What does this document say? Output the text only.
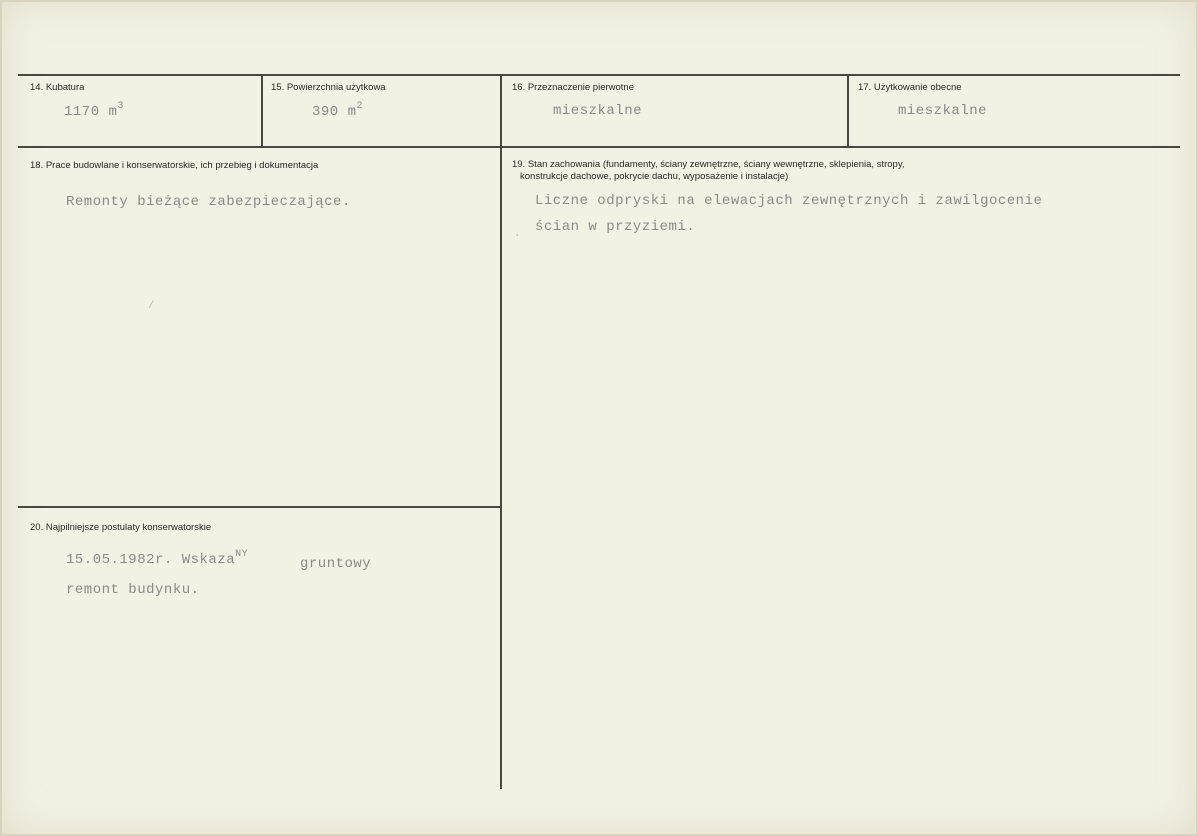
14. Kubatura
1170 $m^3$
15. Powierzchnia użytkowa
390 $m^2$
16. Przeznaczenie pierwotne
mieszkalne
17. Użytkowanie obecne
mieszkalne
18. Prace budowlane i konserwatorskie, ich przebieg i dokumentacja
Remonty bieżące zabezpieczające.
19. Stan zachowania (fundamenty, ściany zewnętrzne, ściany wewnętrzne, sklepienia, stropy,
konstrukcje dachowe, pokrycie dachu, wyposażenie i instalacje)
Liczne odpryski na elewacjach zewnętrznych i zawilgocenie
ścian w przyziemi.
20. Najpilniejsze postulaty konserwatorskie
15.05.1982r. Wskaza$^{NY}$
gruntowy
remont budynku.
/
.
